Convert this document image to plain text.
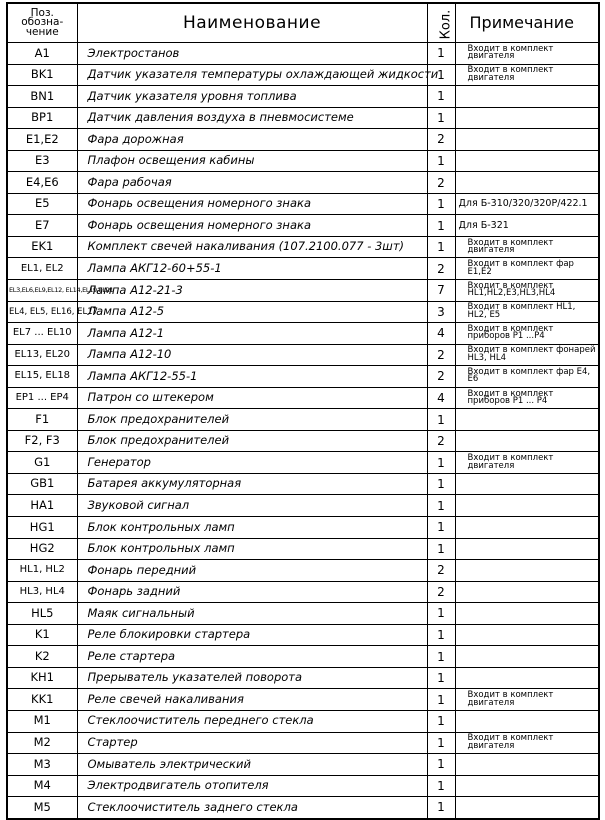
Поз.
обозна-
чение	Наименование	Кол.	Примечание
A1	Электростанов	1	Входит в комплект двигателя
BK1	Датчик указателя температуры охлаждающей жидкости	1	Входит в комплект двигателя
BN1	Датчик указателя уровня топлива	1	
BP1	Датчик давления воздуха в пневмосистеме	1	
E1,E2	Фара дорожная	2	
E3	Плафон освещения кабины	1	
E4,E6	Фара рабочая	2	
E5	Фонарь освещения номерного знака	1	Для Б-310/320/320Р/422.1
E7	Фонарь освещения номерного знака	1	Для Б-321
EK1	Комплект свечей накаливания (107.2100.077 - 3шт)	1	Входит в комплект двигателя
EL1, EL2	Лампа АКГ12-60+55-1	2	Входит в комплект фар E1,E2
EL3,EL6,EL9,EL12, EL14,EL19,EL21	Лампа А12-21-3	7	Входит в комплект HL1,HL2,E3,HL3,HL4
EL4, EL5, EL16, EL17	Лампа А12-5	3	Входит в комплект HL1, HL2, E5
EL7 ... EL10	Лампа А12-1	4	Входит в комплект приборов P1 ...P4
EL13, EL20	Лампа А12-10	2	Входит в комплект фонарей HL3, HL4
EL15, EL18	Лампа АКГ12-55-1	2	Входит в комплект фар E4, E6
EP1 ... EP4	Патрон со штекером	4	Входит в комплект приборов P1 ... P4
F1	Блок предохранителей	1	
F2, F3	Блок предохранителей	2	
G1	Генератор	1	Входит в комплект двигателя
GB1	Батарея аккумуляторная	1	
HA1	Звуковой сигнал	1	
HG1	Блок контрольных ламп	1	
HG2	Блок контрольных ламп	1	
HL1, HL2	Фонарь передний	2	
HL3, HL4	Фонарь задний	2	
HL5	Маяк сигнальный	1	
K1	Реле блокировки стартера	1	
K2	Реле стартера	1	
KH1	Прерыватель указателей поворота	1	
KK1	Реле свечей накаливания	1	Входит в комплект двигателя
M1	Стеклоочиститель переднего стекла	1	
M2	Стартер	1	Входит в комплект двигателя
M3	Омыватель электрический	1	
M4	Электродвигатель отопителя	1	
M5	Стеклоочиститель заднего стекла	1	
